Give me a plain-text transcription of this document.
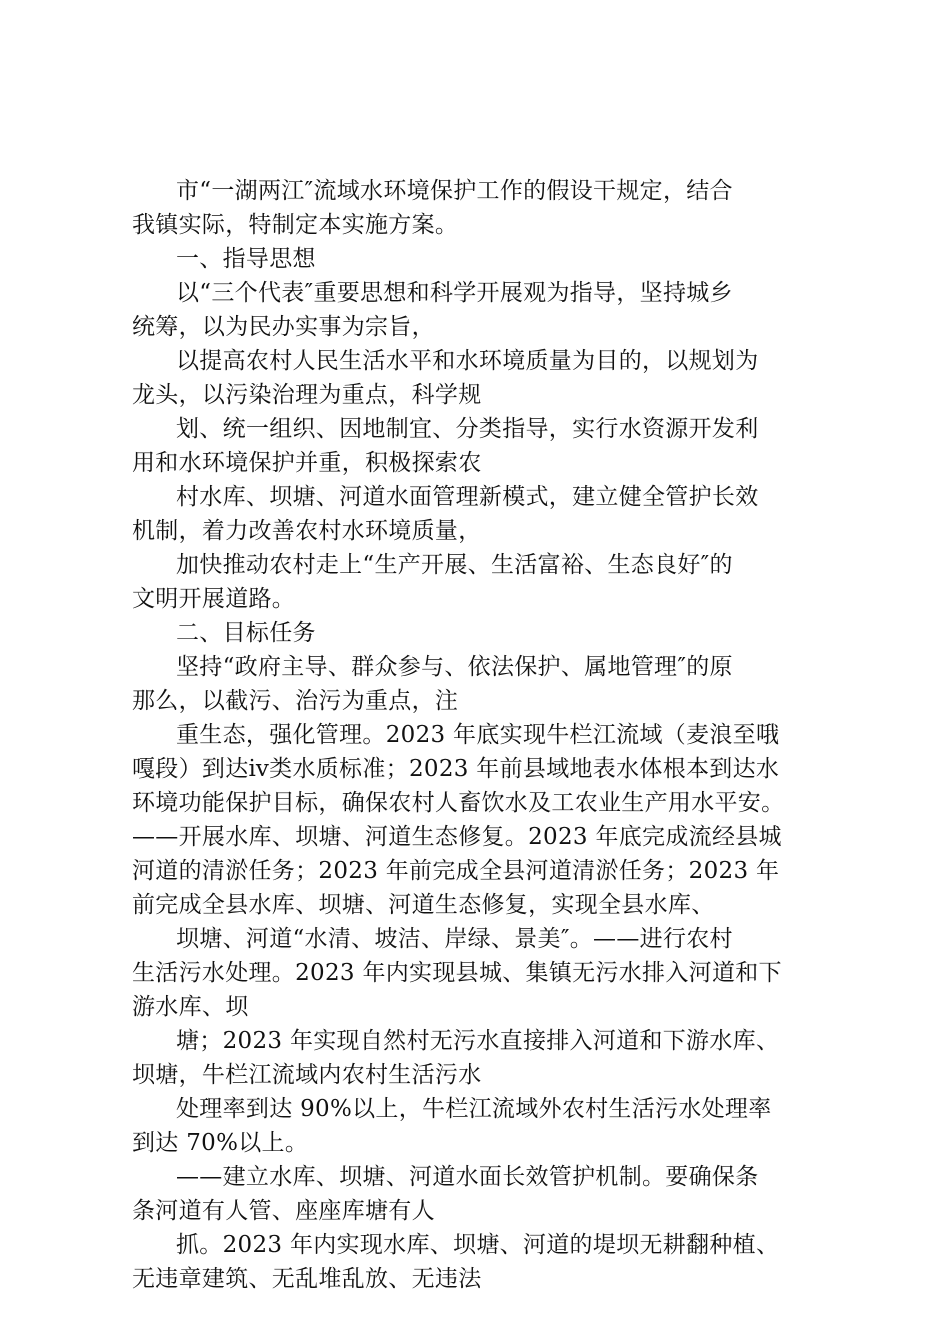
市“一湖两江″流域水环境保护工作的假设干规定，结合
我镇实际，特制定本实施方案。
一、指导思想
以“三个代表″重要思想和科学开展观为指导，坚持城乡
统筹，以为民办实事为宗旨，
以提高农村人民生活水平和水环境质量为目的，以规划为
龙头，以污染治理为重点，科学规
划、统一组织、因地制宜、分类指导，实行水资源开发利
用和水环境保护并重，积极探索农
村水库、坝塘、河道水面管理新模式，建立健全管护长效
机制，着力改善农村水环境质量，
加快推动农村走上“生产开展、生活富裕、生态良好″的
文明开展道路。
二、目标任务
坚持“政府主导、群众参与、依法保护、属地管理″的原
那么，以截污、治污为重点，注
重生态，强化管理。2023 年底实现牛栏江流域（麦浪至哦
嘎段）到达ⅳ类水质标准；2023 年前县域地表水体根本到达水
环境功能保护目标，确保农村人畜饮水及工农业生产用水平安。
——开展水库、坝塘、河道生态修复。2023 年底完成流经县城
河道的清淤任务；2023 年前完成全县河道清淤任务；2023 年
前完成全县水库、坝塘、河道生态修复，实现全县水库、
坝塘、河道“水清、坡洁、岸绿、景美″。——进行农村
生活污水处理。2023 年内实现县城、集镇无污水排入河道和下
游水库、坝
塘；2023 年实现自然村无污水直接排入河道和下游水库、
坝塘，牛栏江流域内农村生活污水
处理率到达 90%以上，牛栏江流域外农村生活污水处理率
到达 70%以上。
——建立水库、坝塘、河道水面长效管护机制。要确保条
条河道有人管、座座库塘有人
抓。2023 年内实现水库、坝塘、河道的堤坝无耕翻种植、
无违章建筑、无乱堆乱放、无违法
